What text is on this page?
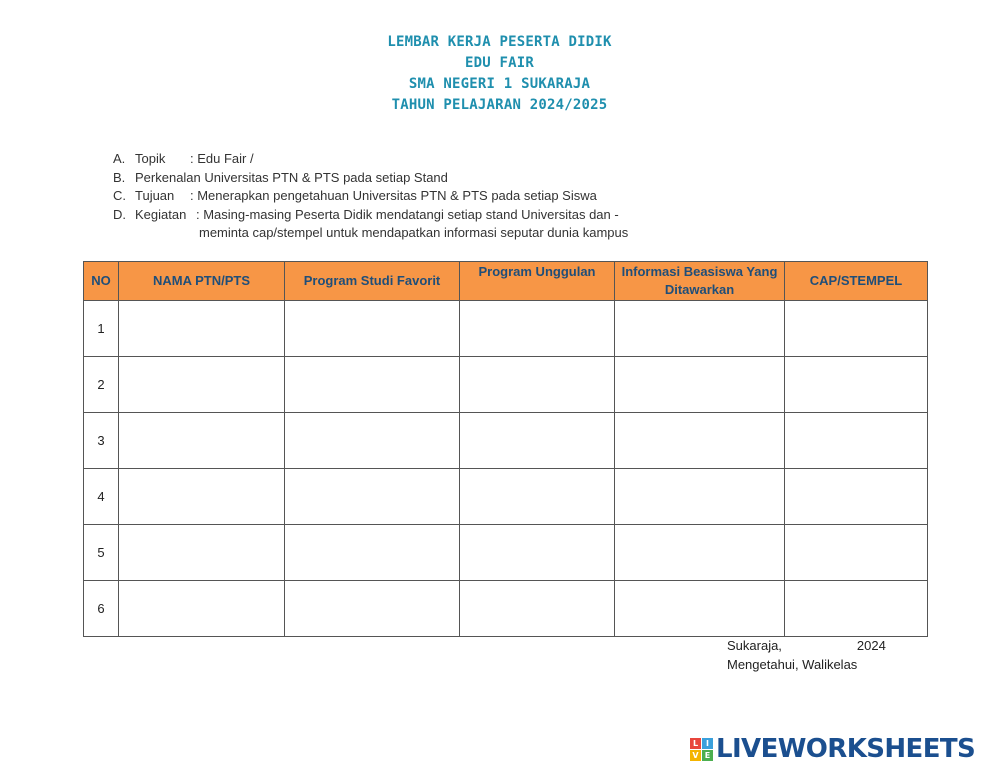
LEMBAR KERJA PESERTA DIDIK
EDU FAIR
SMA NEGERI 1 SUKARAJA
TAHUN PELAJARAN 2024/2025
A. Topik	: Edu Fair /
B. Perkenalan Universitas PTN & PTS pada setiap Stand
C. Tujuan	: Menerapkan pengetahuan Universitas PTN & PTS pada setiap Siswa
D. Kegiatan : Masing-masing Peserta Didik mendatangi setiap stand Universitas dan -
meminta cap/stempel untuk mendapatkan informasi seputar dunia kampus
NO	NAMA PTN/PTS	Program Studi Favorit	Program Unggulan	Informasi Beasiswa Yang Ditawarkan	CAP/STEMPEL
1					
2					
3					
4					
5					
6					
Sukaraja,	2024
Mengetahui, Walikelas
L I
V E LIVEWORKSHEETS
